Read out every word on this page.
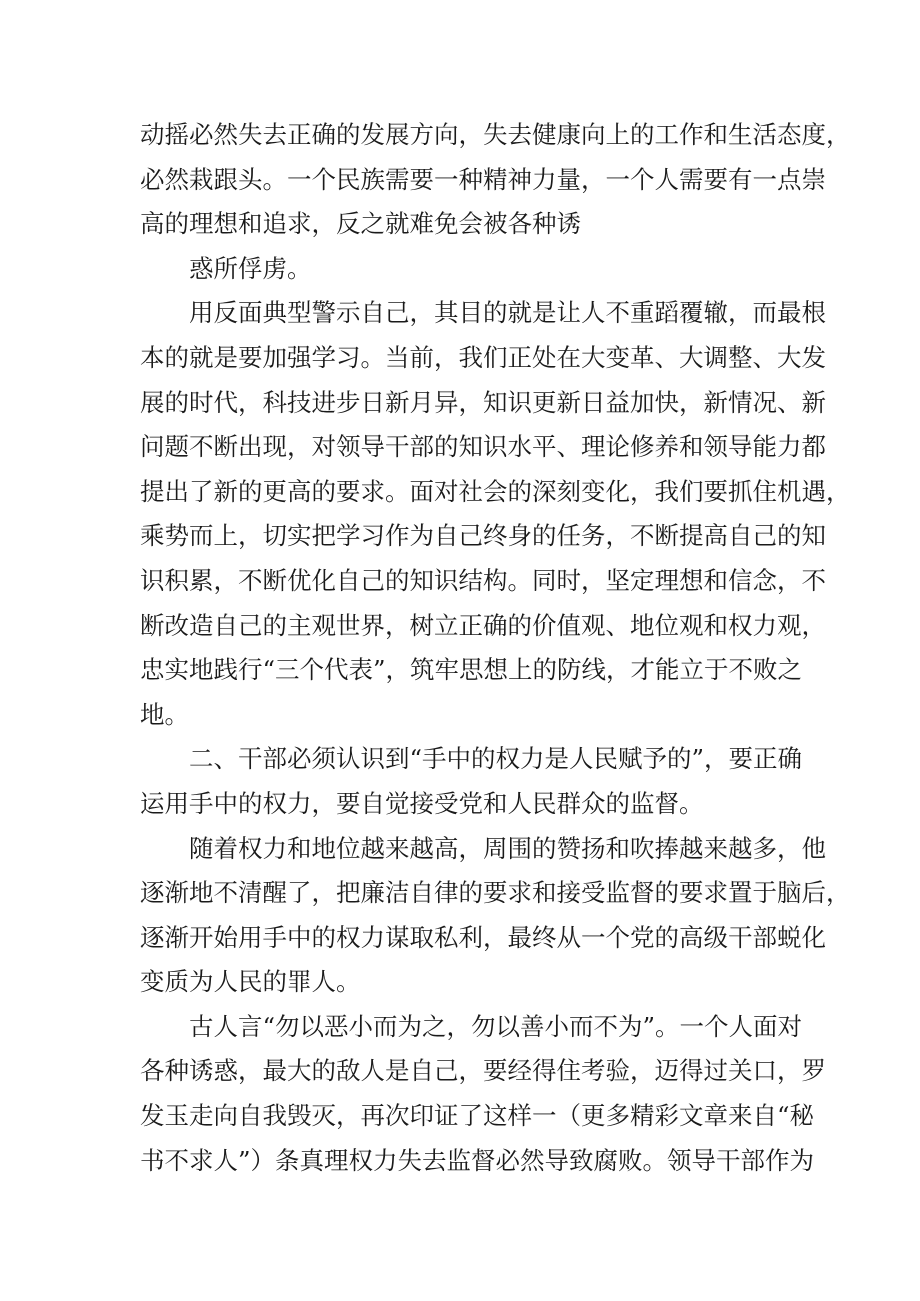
动摇必然失去正确的发展方向，失去健康向上的工作和生活态度，
必然栽跟头。一个民族需要一种精神力量，一个人需要有一点崇
高的理想和追求，反之就难免会被各种诱
惑所俘虏。
用反面典型警示自己，其目的就是让人不重蹈覆辙，而最根
本的就是要加强学习。当前，我们正处在大变革、大调整、大发
展的时代，科技进步日新月异，知识更新日益加快，新情况、新
问题不断出现，对领导干部的知识水平、理论修养和领导能力都
提出了新的更高的要求。面对社会的深刻变化，我们要抓住机遇，
乘势而上，切实把学习作为自己终身的任务，不断提高自己的知
识积累，不断优化自己的知识结构。同时，坚定理想和信念，不
断改造自己的主观世界，树立正确的价值观、地位观和权力观，
忠实地践行“三个代表”，筑牢思想上的防线，才能立于不败之
地。
二、干部必须认识到“手中的权力是人民赋予的”，要正确
运用手中的权力，要自觉接受党和人民群众的监督。
随着权力和地位越来越高，周围的赞扬和吹捧越来越多，他
逐渐地不清醒了，把廉洁自律的要求和接受监督的要求置于脑后，
逐渐开始用手中的权力谋取私利，最终从一个党的高级干部蜕化
变质为人民的罪人。
古人言“勿以恶小而为之，勿以善小而不为”。一个人面对
各种诱惑，最大的敌人是自己，要经得住考验，迈得过关口，罗
发玉走向自我毁灭，再次印证了这样一（更多精彩文章来自“秘
书不求人”）条真理权力失去监督必然导致腐败。领导干部作为
